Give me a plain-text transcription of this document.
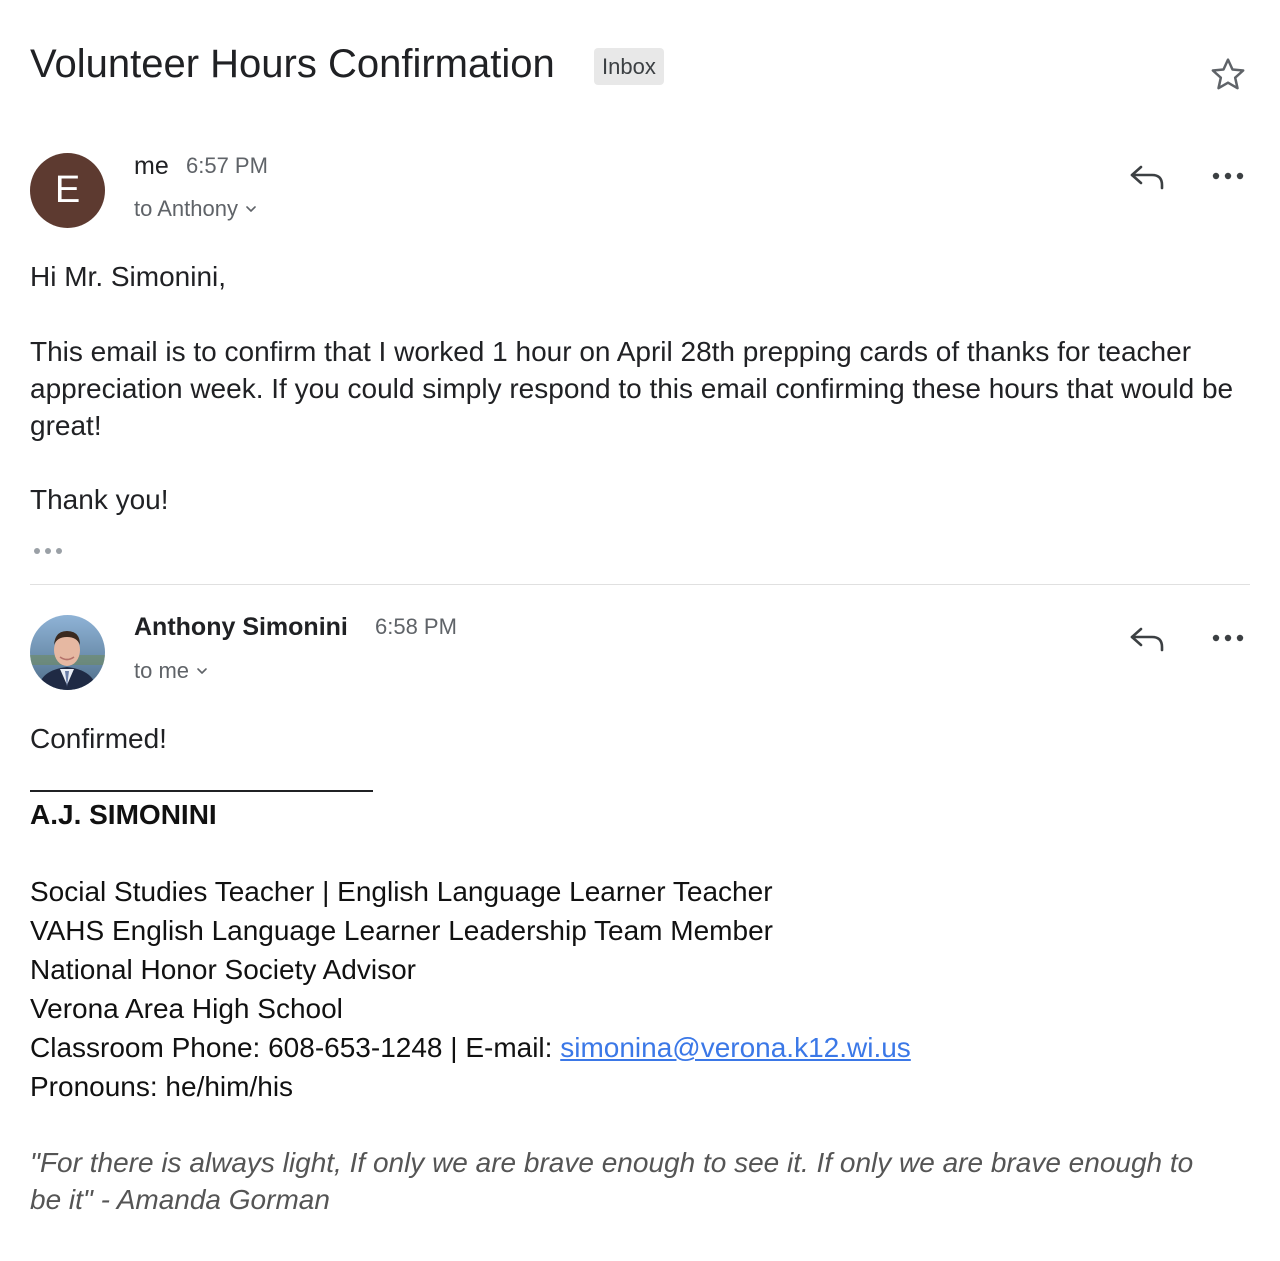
Volunteer Hours Confirmation	Inbox
E
me 6:57 PM
to Anthony

Hi Mr. Simonini,

This email is to confirm that I worked 1 hour on April 28th prepping cards of thanks for teacher appreciation week. If you could simply respond to this email confirming these hours that would be great!

Thank you!

Anthony Simonini 6:58 PM
to me

Confirmed!

A.J. SIMONINI
Social Studies Teacher | English Language Learner Teacher
VAHS English Language Learner Leadership Team Member
National Honor Society Advisor
Verona Area High School
Classroom Phone: 608-653-1248 | E-mail: simonina@verona.k12.wi.us
Pronouns: he/him/his
"For there is always light, If only we are brave enough to see it. If only we are brave enough to be it" - Amanda Gorman
